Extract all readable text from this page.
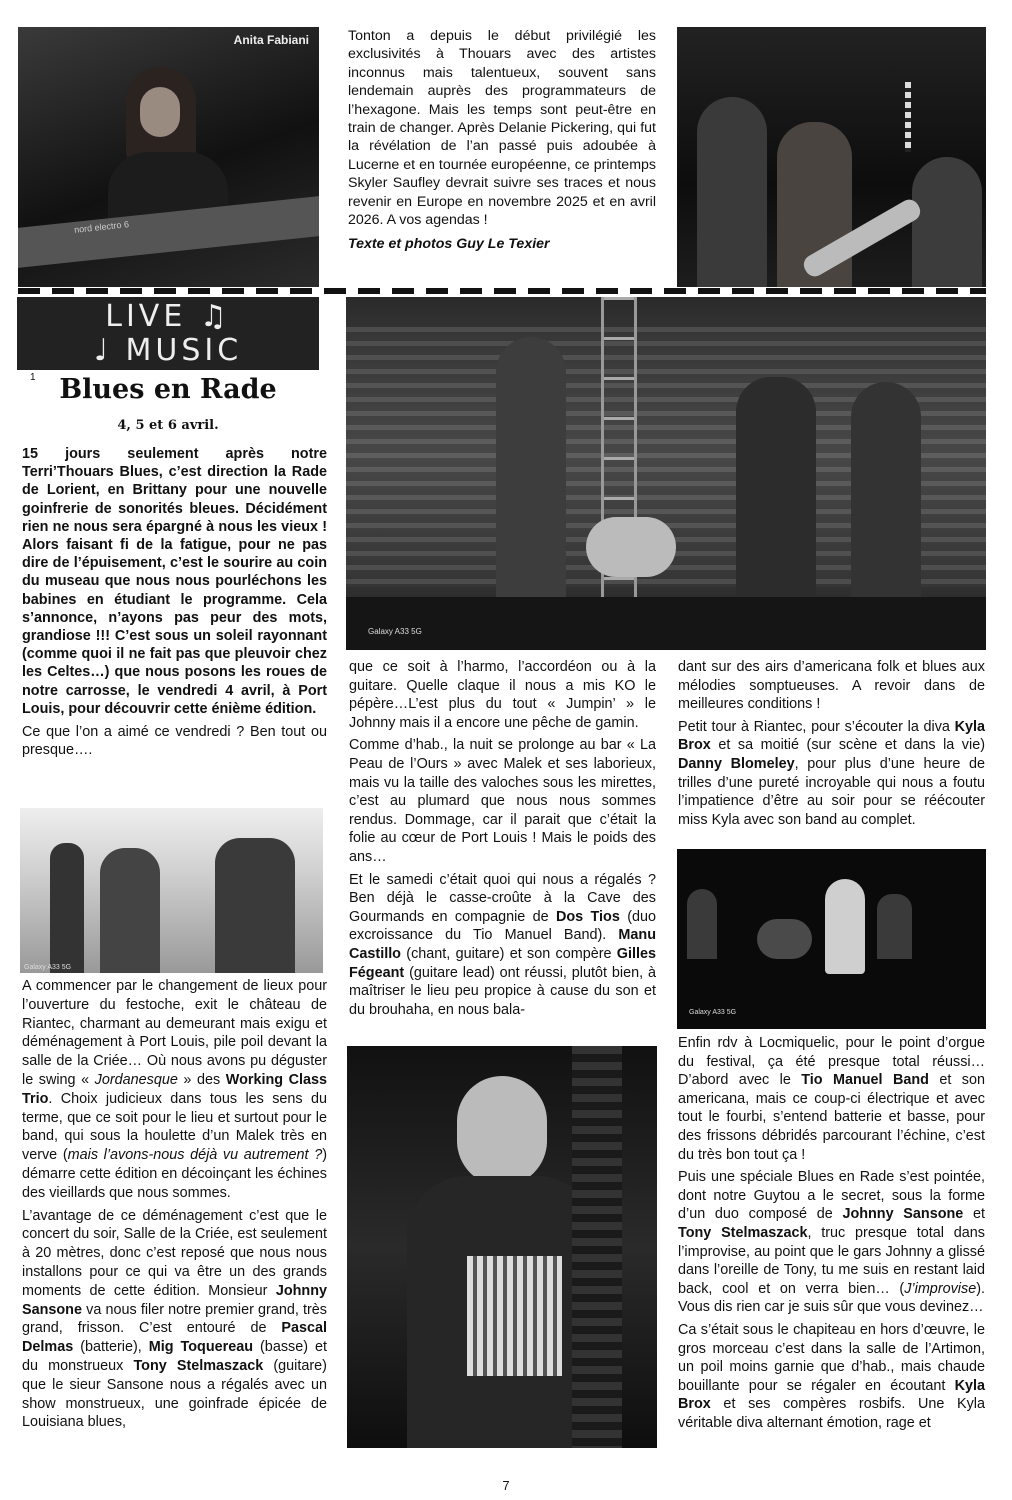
nord electro 6
Anita Fabiani	Tonton a depuis le début privilégié les exclusivités à Thouars avec des artistes inconnus mais talentueux, souvent sans lendemain auprès des programmateurs de l’hexagone. Mais les temps sont peut-être en train de changer. Après Delanie Pickering, qui fut la révélation de l’an passé puis adoubée à Lucerne et en tournée européenne, ce printemps Skyler Saufley devrait suivre ses traces et nous revenir en Europe en novembre 2025 et en avril 2026. A vos agendas !

Texte et photos Guy Le Texier

LIVE ♫
♩ MUSIC
1 Blues en Rade
4, 5 et 6 avril.

15 jours seulement après notre Terri’Thouars Blues, c’est direction la Rade de Lorient, en Brittany pour une nouvelle goinfrerie de sonorités bleues. Décidément rien ne nous sera épargné à nous les vieux ! Alors faisant fi de la fatigue, pour ne pas dire de l’épuisement, c’est le sourire au coin du museau que nous nous pourléchons les babines en étudiant le programme. Cela s’annonce, n’ayons pas peur des mots, grandiose !!! C’est sous un soleil rayonnant (comme quoi il ne fait pas que pleuvoir chez les Celtes…) que nous posons les roues de notre carrosse, le vendredi 4 avril, à Port Louis, pour découvrir cette énième édition.

Ce que l’on a aimé ce vendredi ? Ben tout ou presque….

Galaxy A33 5G

A commencer par le changement de lieux pour l’ouverture du festoche, exit le château de Riantec, charmant au demeurant mais exigu et déménagement à Port Louis, pile poil devant la salle de la Criée… Où nous avons pu déguster le swing « Jordanesque » des Working Class Trio. Choix judicieux dans tous les sens du terme, que ce soit pour le lieu et surtout pour le band, qui sous la houlette d’un Malek très en verve (mais l’avons-nous déjà vu autrement ?) démarre cette édition en décoinçant les échines des vieillards que nous sommes.

L’avantage de ce déménagement c’est que le concert du soir, Salle de la Criée, est seulement à 20 mètres, donc c’est reposé que nous nous installons pour ce qui va être un des grands moments de cette édition. Monsieur Johnny Sansone va nous filer notre premier grand, très grand, frisson. C’est entouré de Pascal Delmas (batterie), Mig Toquereau (basse) et du monstrueux Tony Stelmaszack (guitare) que le sieur Sansone nous a régalés avec un show monstrueux, une goinfrade épicée de Louisiana blues,

Galaxy A33 5G

que ce soit à l’harmo, l’accordéon ou à la guitare. Quelle claque il nous a mis KO le pépère…L’est plus du tout « Jumpin’ » le Johnny mais il a encore une pêche de gamin.

Comme d’hab., la nuit se prolonge au bar « La Peau de l’Ours » avec Malek et ses laborieux, mais vu la taille des valoches sous les mirettes, c’est au plumard que nous nous sommes rendus. Dommage, car il parait que c’était la folie au cœur de Port Louis ! Mais le poids des ans…

Et le samedi c’était quoi qui nous a régalés ? Ben déjà le casse-croûte à la Cave des Gourmands en compagnie de Dos Tios (duo excroissance du Tio Manuel Band). Manu Castillo (chant, guitare) et son compère Gilles Fégeant (guitare lead) ont réussi, plutôt bien, à maîtriser le lieu peu propice à cause du son et du brouhaha, en nous bala-

dant sur des airs d’americana folk et blues aux mélodies somptueuses. A revoir dans de meilleures conditions !

Petit tour à Riantec, pour s’écouter la diva Kyla Brox et sa moitié (sur scène et dans la vie) Danny Blomeley, pour plus d’une heure de trilles d’une pureté incroyable qui nous a foutu l’impatience d’être au soir pour se réécouter miss Kyla avec son band au complet.

Galaxy A33 5G

Enfin rdv à Locmiquelic, pour le point d’orgue du festival, ça été presque total réussi… D’abord avec le Tio Manuel Band et son americana, mais ce coup-ci électrique et avec tout le fourbi, s’entend batterie et basse, pour des frissons débridés parcourant l’échine, c’est du très bon tout ça !

Puis une spéciale Blues en Rade s’est pointée, dont notre Guytou a le secret, sous la forme d’un duo composé de Johnny Sansone et Tony Stelmaszack, truc presque total dans l’improvise, au point que le gars Johnny a glissé dans l’oreille de Tony, tu me suis en restant laid back, cool et on verra bien… (J’improvise). Vous dis rien car je suis sûr que vous devinez…

Ca s’était sous le chapiteau en hors d’œuvre, le gros morceau c’est dans la salle de l’Artimon, un poil moins garnie que d’hab., mais chaude bouillante pour se régaler en écoutant Kyla Brox et ses compères rosbifs. Une Kyla véritable diva alternant émotion, rage et

7
